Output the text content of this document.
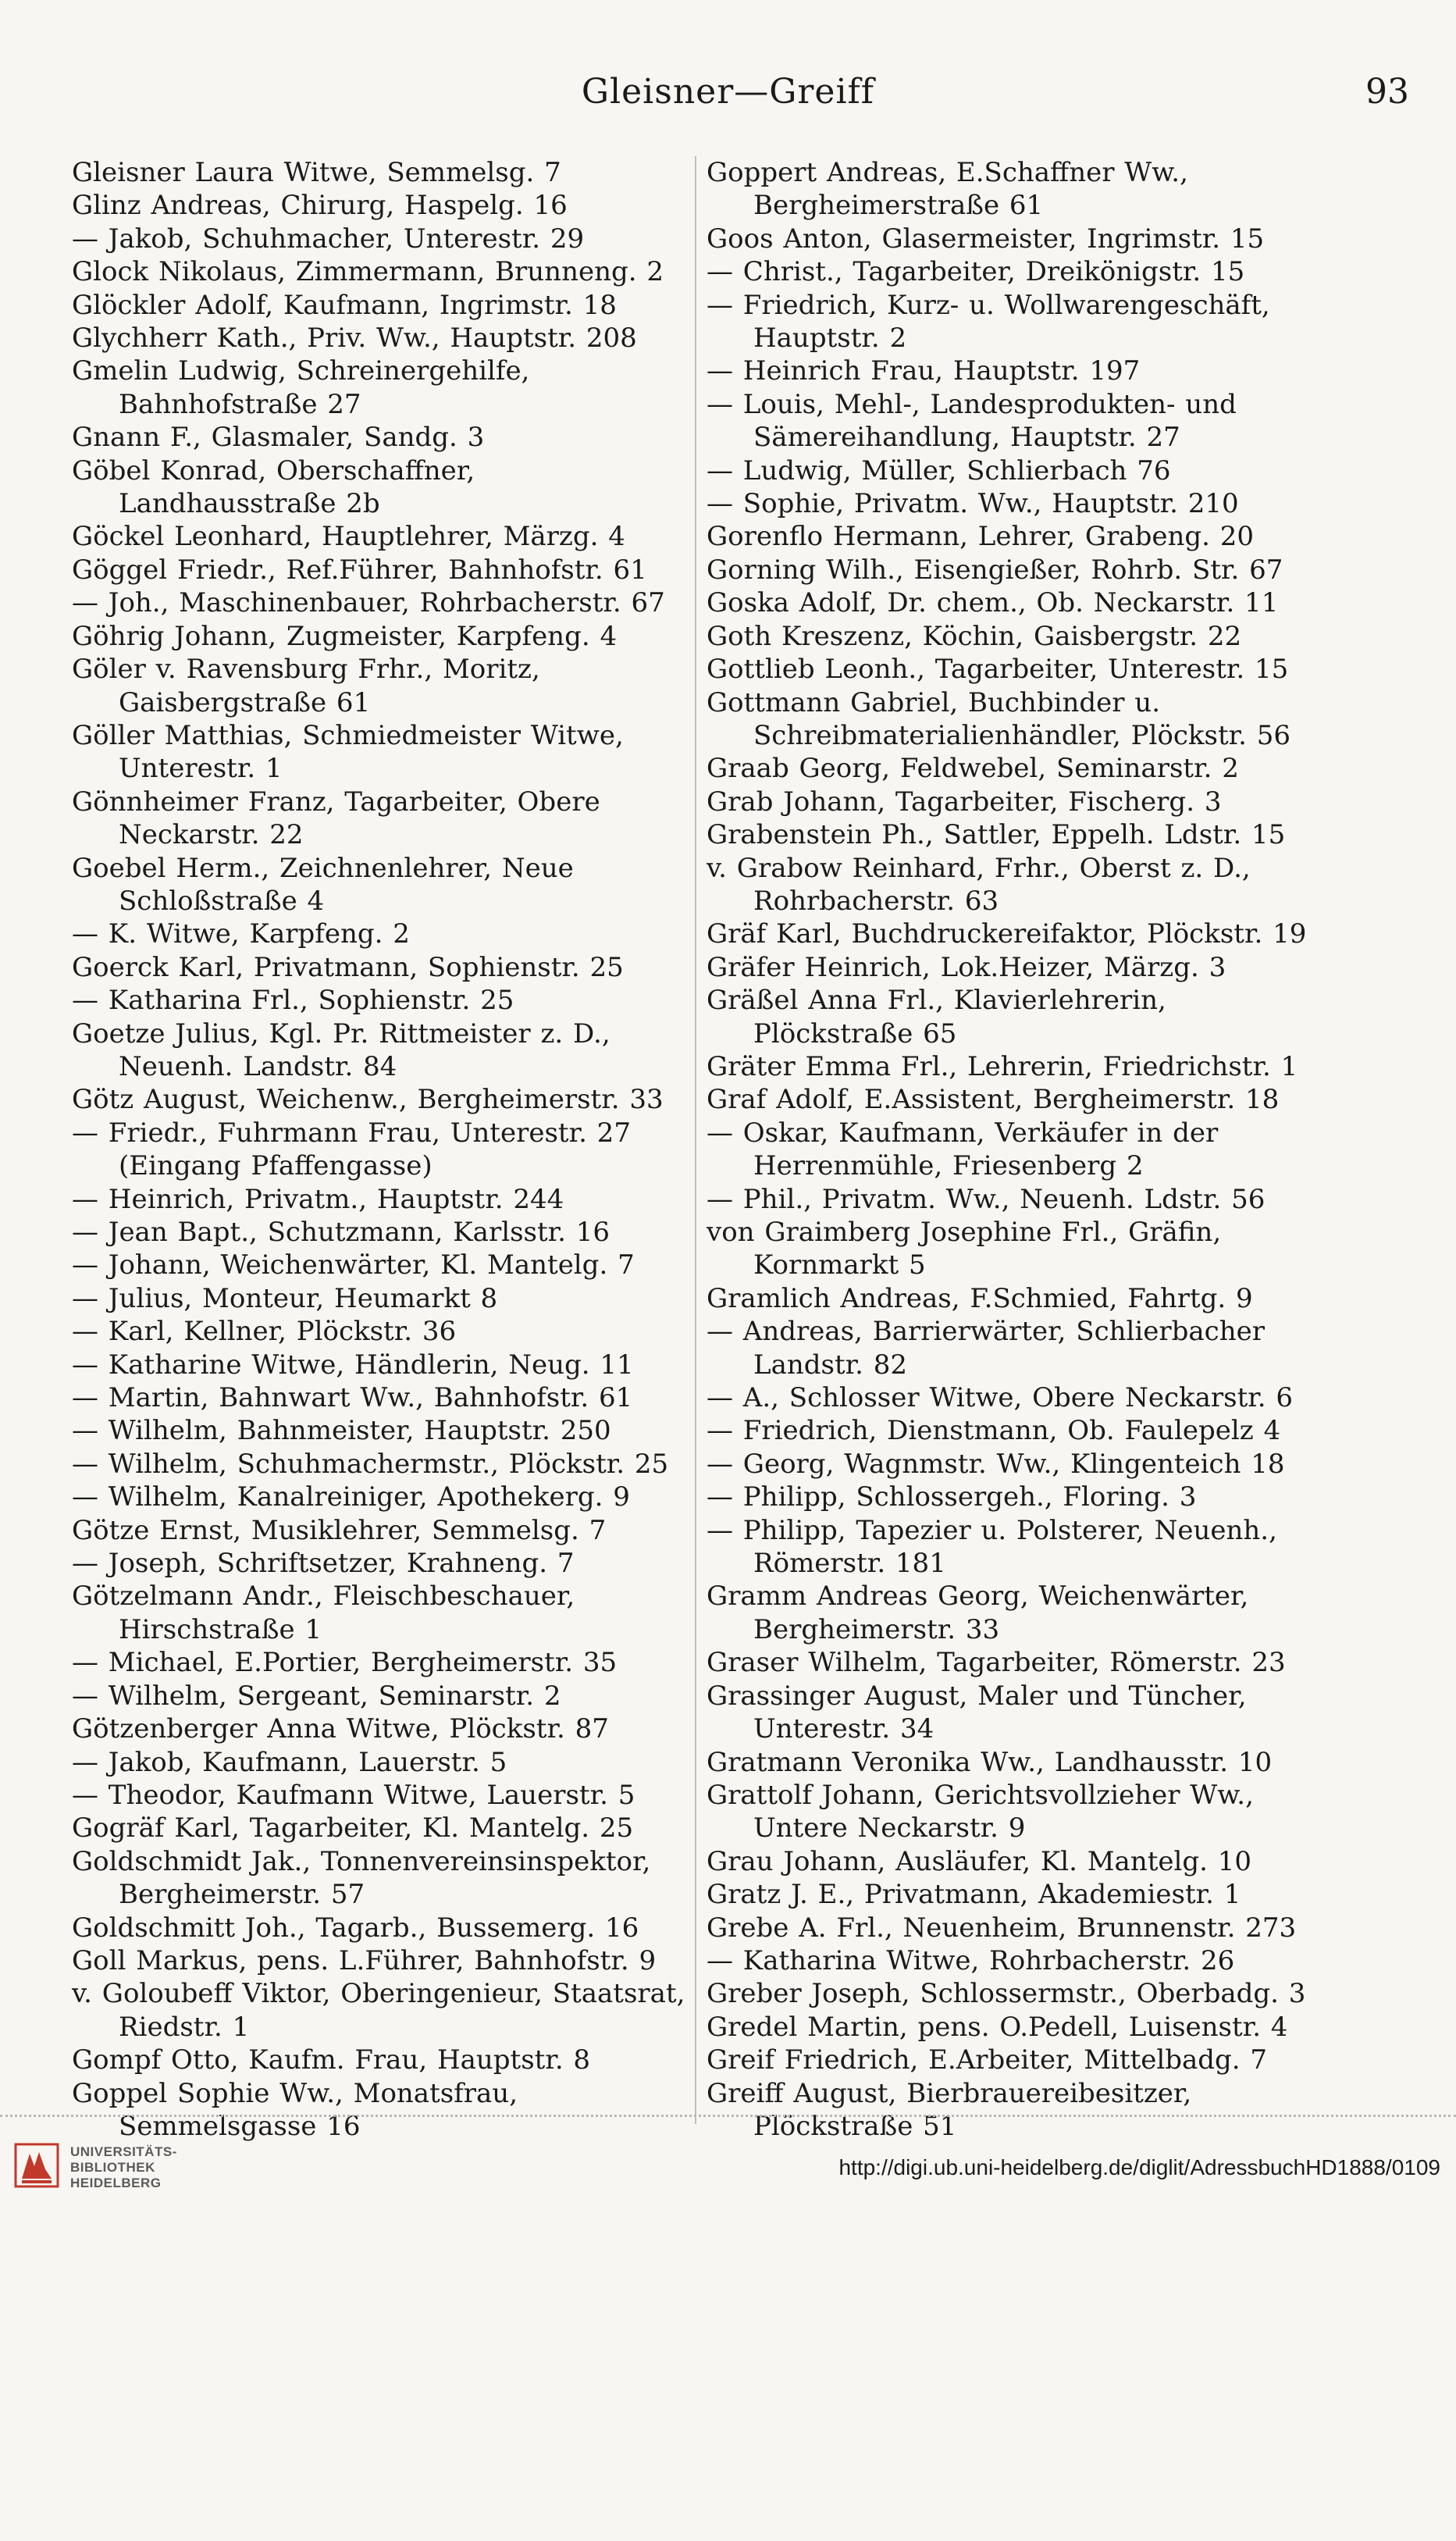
Gleisner—Greiff	93
Gleisner Laura Witwe, Semmelsg. 7
Glinz Andreas, Chirurg, Haspelg. 16
— Jakob, Schuhmacher, Unterestr. 29
Glock Nikolaus, Zimmermann, Brunneng. 2
Glöckler Adolf, Kaufmann, Ingrimstr. 18
Glychherr Kath., Priv. Ww., Hauptstr. 208
Gmelin Ludwig, Schreinergehilfe, Bahnhofstraße 27
Gnann F., Glasmaler, Sandg. 3
Göbel Konrad, Oberschaffner, Landhausstraße 2b
Göckel Leonhard, Hauptlehrer, Märzg. 4
Göggel Friedr., Ref.Führer, Bahnhofstr. 61
— Joh., Maschinenbauer, Rohrbacherstr. 67
Göhrig Johann, Zugmeister, Karpfeng. 4
Göler v. Ravensburg Frhr., Moritz, Gaisbergstraße 61
Göller Matthias, Schmiedmeister Witwe, Unterestr. 1
Gönnheimer Franz, Tagarbeiter, Obere Neckarstr. 22
Goebel Herm., Zeichnenlehrer, Neue Schloßstraße 4
— K. Witwe, Karpfeng. 2
Goerck Karl, Privatmann, Sophienstr. 25
— Katharina Frl., Sophienstr. 25
Goetze Julius, Kgl. Pr. Rittmeister z. D., Neuenh. Landstr. 84
Götz August, Weichenw., Bergheimerstr. 33
— Friedr., Fuhrmann Frau, Unterestr. 27 (Eingang Pfaffengasse)
— Heinrich, Privatm., Hauptstr. 244
— Jean Bapt., Schutzmann, Karlsstr. 16
— Johann, Weichenwärter, Kl. Mantelg. 7
— Julius, Monteur, Heumarkt 8
— Karl, Kellner, Plöckstr. 36
— Katharine Witwe, Händlerin, Neug. 11
— Martin, Bahnwart Ww., Bahnhofstr. 61
— Wilhelm, Bahnmeister, Hauptstr. 250
— Wilhelm, Schuhmachermstr., Plöckstr. 25
— Wilhelm, Kanalreiniger, Apothekerg. 9
Götze Ernst, Musiklehrer, Semmelsg. 7
— Joseph, Schriftsetzer, Krahneng. 7
Götzelmann Andr., Fleischbeschauer, Hirschstraße 1
— Michael, E.Portier, Bergheimerstr. 35
— Wilhelm, Sergeant, Seminarstr. 2
Götzenberger Anna Witwe, Plöckstr. 87
— Jakob, Kaufmann, Lauerstr. 5
— Theodor, Kaufmann Witwe, Lauerstr. 5
Gogräf Karl, Tagarbeiter, Kl. Mantelg. 25
Goldschmidt Jak., Tonnenvereinsinspektor, Bergheimerstr. 57
Goldschmitt Joh., Tagarb., Bussemerg. 16
Goll Markus, pens. L.Führer, Bahnhofstr. 9
v. Goloubeff Viktor, Oberingenieur, Staatsrat, Riedstr. 1
Gompf Otto, Kaufm. Frau, Hauptstr. 8
Goppel Sophie Ww., Monatsfrau, Semmelsgasse 16
Goppert Andreas, E.Schaffner Ww., Bergheimerstraße 61
Goos Anton, Glasermeister, Ingrimstr. 15
— Christ., Tagarbeiter, Dreikönigstr. 15
— Friedrich, Kurz- u. Wollwarengeschäft, Hauptstr. 2
— Heinrich Frau, Hauptstr. 197
— Louis, Mehl-, Landesprodukten- und Sämereihandlung, Hauptstr. 27
— Ludwig, Müller, Schlierbach 76
— Sophie, Privatm. Ww., Hauptstr. 210
Gorenflo Hermann, Lehrer, Grabeng. 20
Gorning Wilh., Eisengießer, Rohrb. Str. 67
Goska Adolf, Dr. chem., Ob. Neckarstr. 11
Goth Kreszenz, Köchin, Gaisbergstr. 22
Gottlieb Leonh., Tagarbeiter, Unterestr. 15
Gottmann Gabriel, Buchbinder u. Schreibmaterialienhändler, Plöckstr. 56
Graab Georg, Feldwebel, Seminarstr. 2
Grab Johann, Tagarbeiter, Fischerg. 3
Grabenstein Ph., Sattler, Eppelh. Ldstr. 15
v. Grabow Reinhard, Frhr., Oberst z. D., Rohrbacherstr. 63
Gräf Karl, Buchdruckereifaktor, Plöckstr. 19
Gräfer Heinrich, Lok.Heizer, Märzg. 3
Gräßel Anna Frl., Klavierlehrerin, Plöckstraße 65
Gräter Emma Frl., Lehrerin, Friedrichstr. 1
Graf Adolf, E.Assistent, Bergheimerstr. 18
— Oskar, Kaufmann, Verkäufer in der Herrenmühle, Friesenberg 2
— Phil., Privatm. Ww., Neuenh. Ldstr. 56
von Graimberg Josephine Frl., Gräfin, Kornmarkt 5
Gramlich Andreas, F.Schmied, Fahrtg. 9
— Andreas, Barrierwärter, Schlierbacher Landstr. 82
— A., Schlosser Witwe, Obere Neckarstr. 6
— Friedrich, Dienstmann, Ob. Faulepelz 4
— Georg, Wagnmstr. Ww., Klingenteich 18
— Philipp, Schlossergeh., Floring. 3
— Philipp, Tapezier u. Polsterer, Neuenh., Römerstr. 181
Gramm Andreas Georg, Weichenwärter, Bergheimerstr. 33
Graser Wilhelm, Tagarbeiter, Römerstr. 23
Grassinger August, Maler und Tüncher, Unterestr. 34
Gratmann Veronika Ww., Landhausstr. 10
Grattolf Johann, Gerichtsvollzieher Ww., Untere Neckarstr. 9
Grau Johann, Ausläufer, Kl. Mantelg. 10
Gratz J. E., Privatmann, Akademiestr. 1
Grebe A. Frl., Neuenheim, Brunnenstr. 273
— Katharina Witwe, Rohrbacherstr. 26
Greber Joseph, Schlossermstr., Oberbadg. 3
Gredel Martin, pens. O.Pedell, Luisenstr. 4
Greif Friedrich, E.Arbeiter, Mittelbadg. 7
Greiff August, Bierbrauereibesitzer, Plöckstraße 51
UNIVERSITÄTS-
BIBLIOTHEK
HEIDELBERG
http://digi.ub.uni-heidelberg.de/diglit/AdressbuchHD1888/0109
